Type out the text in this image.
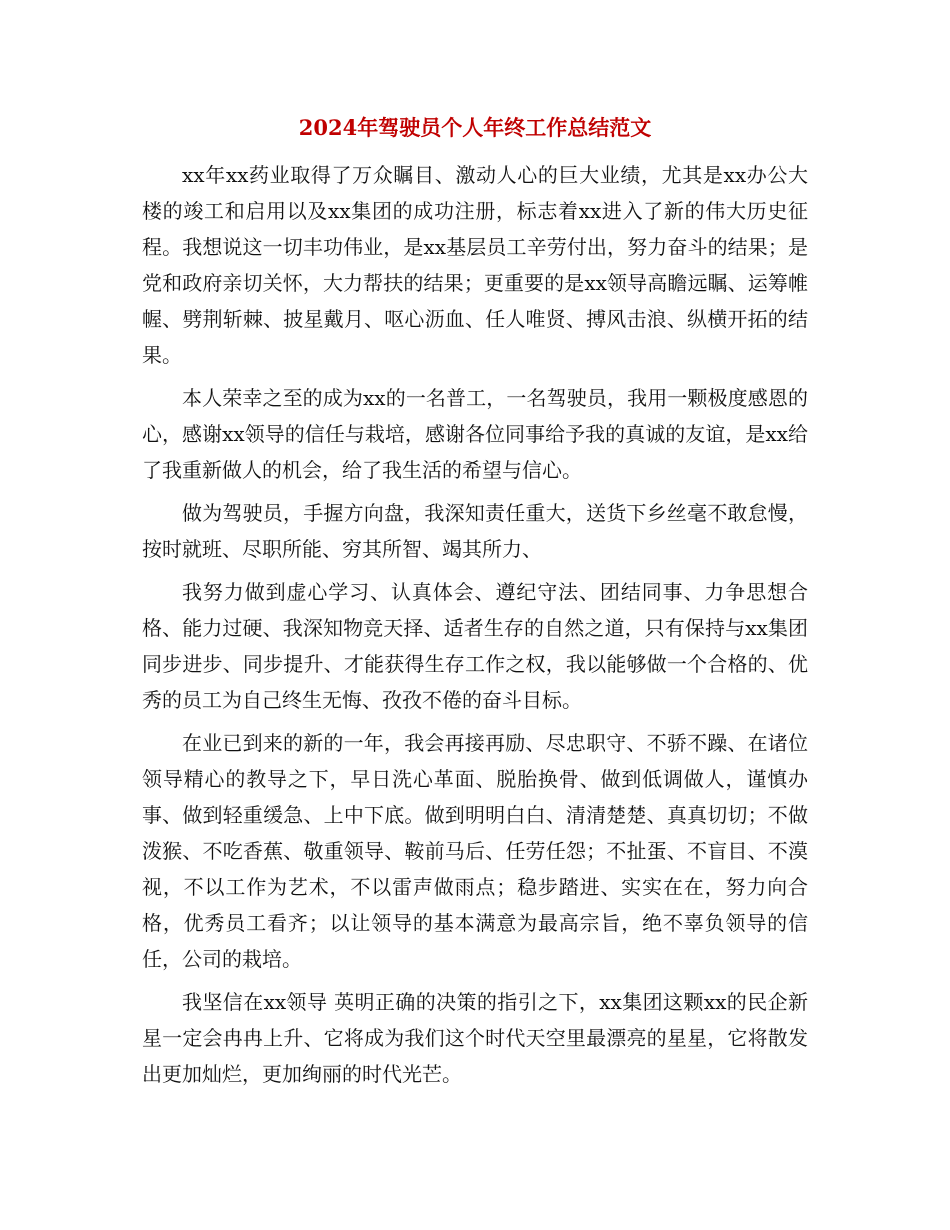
2024年驾驶员个人年终工作总结范文

xx年xx药业取得了万众瞩目、激动人心的巨大业绩，尤其是xx办公大楼的竣工和启用以及xx集团的成功注册，标志着xx进入了新的伟大历史征程。我想说这一切丰功伟业，是xx基层员工辛劳付出，努力奋斗的结果；是党和政府亲切关怀，大力帮扶的结果；更重要的是xx领导高瞻远瞩、运筹帷幄、劈荆斩棘、披星戴月、呕心沥血、任人唯贤、搏风击浪、纵横开拓的结果。

本人荣幸之至的成为xx的一名普工，一名驾驶员，我用一颗极度感恩的心，感谢xx领导的信任与栽培，感谢各位同事给予我的真诚的友谊，是xx给了我重新做人的机会，给了我生活的希望与信心。

做为驾驶员，手握方向盘，我深知责任重大，送货下乡丝毫不敢怠慢，按时就班、尽职所能、穷其所智、竭其所力、

我努力做到虚心学习、认真体会、遵纪守法、团结同事、力争思想合格、能力过硬、我深知物竞天择、适者生存的自然之道，只有保持与xx集团同步进步、同步提升、才能获得生存工作之权，我以能够做一个合格的、优秀的员工为自己终生无悔、孜孜不倦的奋斗目标。

在业已到来的新的一年，我会再接再励、尽忠职守、不骄不躁、在诸位领导精心的教导之下，早日洗心革面、脱胎换骨、做到低调做人，谨慎办事、做到轻重缓急、上中下底。做到明明白白、清清楚楚、真真切切；不做泼猴、不吃香蕉、敬重领导、鞍前马后、任劳任怨；不扯蛋、不盲目、不漠视，不以工作为艺术，不以雷声做雨点；稳步踏进、实实在在，努力向合格，优秀员工看齐；以让领导的基本满意为最高宗旨，绝不辜负领导的信任，公司的栽培。

我坚信在xx领导 英明正确的决策的指引之下，xx集团这颗xx的民企新星一定会冉冉上升、它将成为我们这个时代天空里最漂亮的星星，它将散发出更加灿烂，更加绚丽的时代光芒。
